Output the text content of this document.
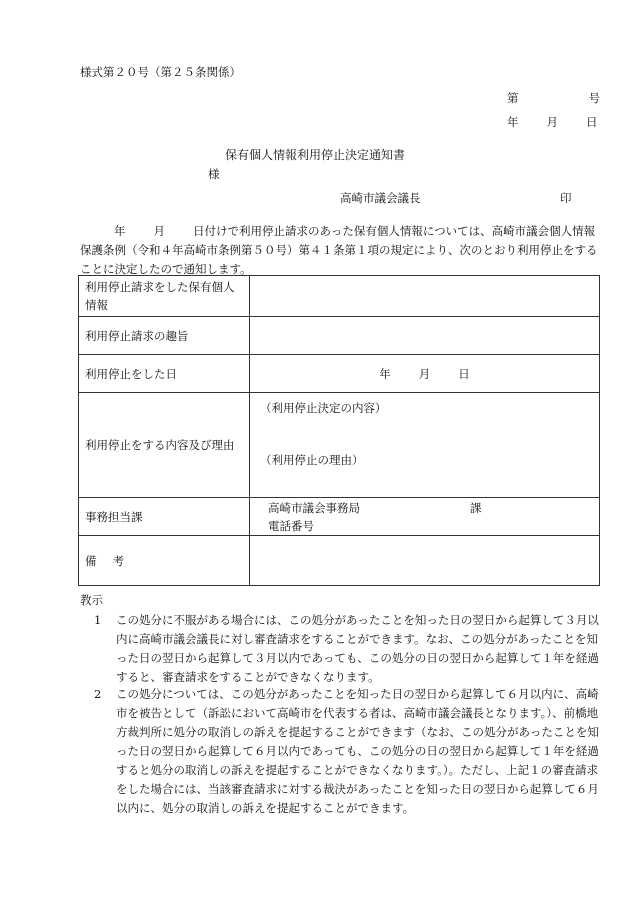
様式第２０号（第２５条関係）
第	号
年 月 日
保有個人情報利用停止決定通知書
様
高崎市議会議長	印
年 月 日付けで利用停止請求のあった保有個人情報については、高崎市議会個人情報保護条例（令和４年高崎市条例第５０号）第４１条第１項の規定により、次のとおり利用停止をすることに決定したので通知します。
利用停止請求をした保有個人情報	
利用停止請求の趣旨	
利用停止をした日	年 月 日
利用停止をする内容及び理由	（利用停止決定の内容）
（利用停止の理由）

事務担当課	高崎市議会事務局 課
電話番号

備 考	
教示
1	この処分に不服がある場合には、この処分があったことを知った日の翌日から起算して３月以内に高崎市議会議長に対し審査請求をすることができます。なお、この処分があったことを知った日の翌日から起算して３月以内であっても、この処分の日の翌日から起算して１年を経過すると、審査請求をすることができなくなります。
2	この処分については、この処分があったことを知った日の翌日から起算して６月以内に、高崎市を被告として（訴訟において高崎市を代表する者は、高崎市議会議長となります。）、前橋地方裁判所に処分の取消しの訴えを提起することができます（なお、この処分があったことを知った日の翌日から起算して６月以内であっても、この処分の日の翌日から起算して１年を経過すると処分の取消しの訴えを提起することができなくなります。）。ただし、上記１の審査請求をした場合には、当該審査請求に対する裁決があったことを知った日の翌日から起算して６月以内に、処分の取消しの訴えを提起することができます。
